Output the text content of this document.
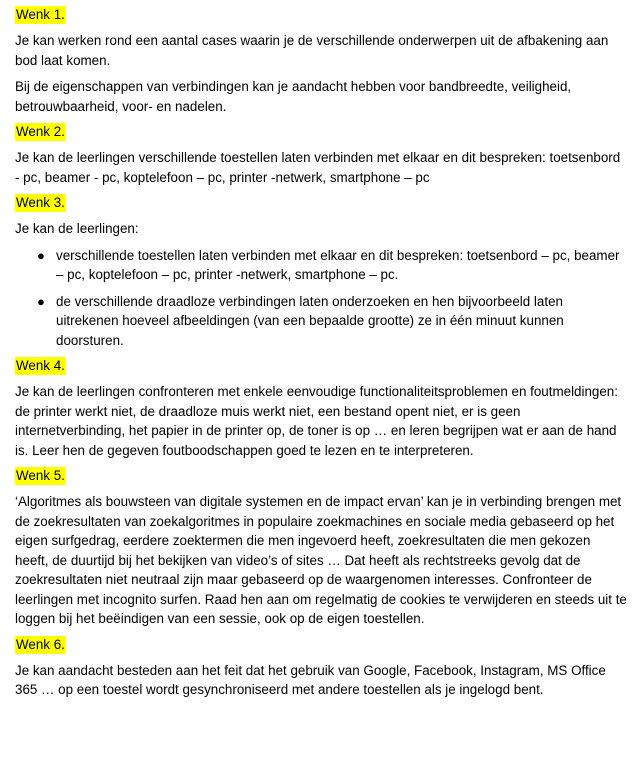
Wenk 1.
Je kan werken rond een aantal cases waarin je de verschillende onderwerpen uit de afbakening aan bod laat komen.
Bij de eigenschappen van verbindingen kan je aandacht hebben voor bandbreedte, veiligheid, betrouwbaarheid, voor- en nadelen.
Wenk 2.
Je kan de leerlingen verschillende toestellen laten verbinden met elkaar en dit bespreken: toetsenbord - pc, beamer - pc, koptelefoon – pc, printer -netwerk, smartphone – pc
Wenk 3.
Je kan de leerlingen:
● verschillende toestellen laten verbinden met elkaar en dit bespreken: toetsenbord – pc, beamer – pc, koptelefoon – pc, printer -netwerk, smartphone – pc.
● de verschillende draadloze verbindingen laten onderzoeken en hen bijvoorbeeld laten uitrekenen hoeveel afbeeldingen (van een bepaalde grootte) ze in één minuut kunnen doorsturen.
Wenk 4.
Je kan de leerlingen confronteren met enkele eenvoudige functionaliteitsproblemen en foutmeldingen: de printer werkt niet, de draadloze muis werkt niet, een bestand opent niet, er is geen internetverbinding, het papier in de printer op, de toner is op … en leren begrijpen wat er aan de hand is. Leer hen de gegeven foutboodschappen goed te lezen en te interpreteren.
Wenk 5.
‘Algoritmes als bouwsteen van digitale systemen en de impact ervan’ kan je in verbinding brengen met de zoekresultaten van zoekalgoritmes in populaire zoekmachines en sociale media gebaseerd op het eigen surfgedrag, eerdere zoektermen die men ingevoerd heeft, zoekresultaten die men gekozen heeft, de duurtijd bij het bekijken van video’s of sites … Dat heeft als rechtstreeks gevolg dat de zoekresultaten niet neutraal zijn maar gebaseerd op de waargenomen interesses. Confronteer de leerlingen met incognito surfen. Raad hen aan om regelmatig de cookies te verwijderen en steeds uit te loggen bij het beëindigen van een sessie, ook op de eigen toestellen.
Wenk 6.
Je kan aandacht besteden aan het feit dat het gebruik van Google, Facebook, Instagram, MS Office 365 … op een toestel wordt gesynchroniseerd met andere toestellen als je ingelogd bent.
